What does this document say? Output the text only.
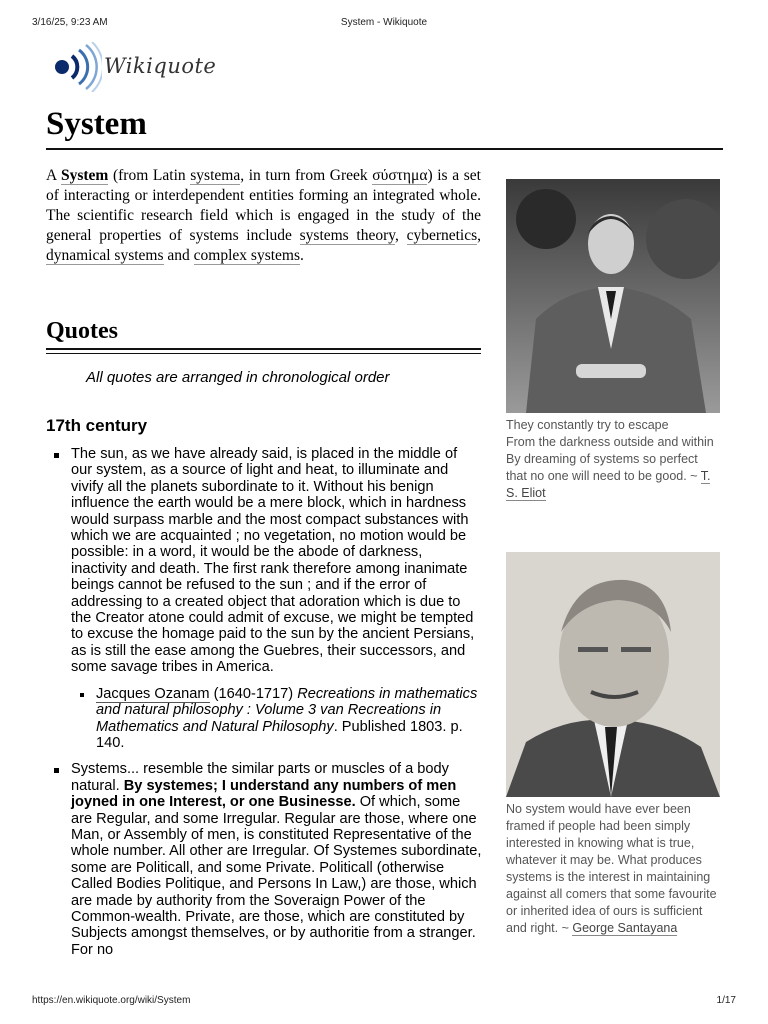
3/16/25, 9:23 AM	System - Wikiquote
Wikiquote
System

A System (from Latin systema, in turn from Greek σύστημα) is a set of interacting or interdependent entities forming an integrated whole. The scientific research field which is engaged in the study of the general properties of systems include systems theory, cybernetics, dynamical systems and complex systems.

Quotes
All quotes are arranged in chronological order
17th century
The sun, as we have already said, is placed in the middle of our system, as a source of light and heat, to illuminate and vivify all the planets subordinate to it. Without his benign influence the earth would be a mere block, which in hardness would surpass marble and the most compact substances with which we are acquainted ; no vegetation, no motion would be possible: in a word, it would be the abode of darkness, inactivity and death. The first rank therefore among inanimate beings cannot be refused to the sun ; and if the error of addressing to a created object that adoration which is due to the Creator atone could admit of excuse, we might be tempted to excuse the homage paid to the sun by the ancient Persians, as is still the ease among the Guebres, their successors, and some savage tribes in America.
Jacques Ozanam (1640-1717) Recreations in mathematics and natural philosophy : Volume 3 van Recreations in Mathematics and Natural Philosophy. Published 1803. p. 140.
Systems... resemble the similar parts or muscles of a body natural. By systemes; I understand any numbers of men joyned in one Interest, or one Businesse. Of which, some are Regular, and some Irregular. Regular are those, where one Man, or Assembly of men, is constituted Representative of the whole number. All other are Irregular. Of Systemes subordinate, some are Politicall, and some Private. Politicall (otherwise Called Bodies Politique, and Persons In Law,) are those, which are made by authority from the Soveraign Power of the Common-wealth. Private, are those, which are constituted by Subjects amongst themselves, or by authoritie from a stranger. For no
They constantly try to escape
From the darkness outside and within
By dreaming of systems so perfect that no one will need to be good. ~ T. S. Eliot
No system would have ever been framed if people had been simply interested in knowing what is true, whatever it may be. What produces systems is the interest in maintaining against all comers that some favourite or inherited idea of ours is sufficient and right. ~ George Santayana
https://en.wikiquote.org/wiki/System	1/17
